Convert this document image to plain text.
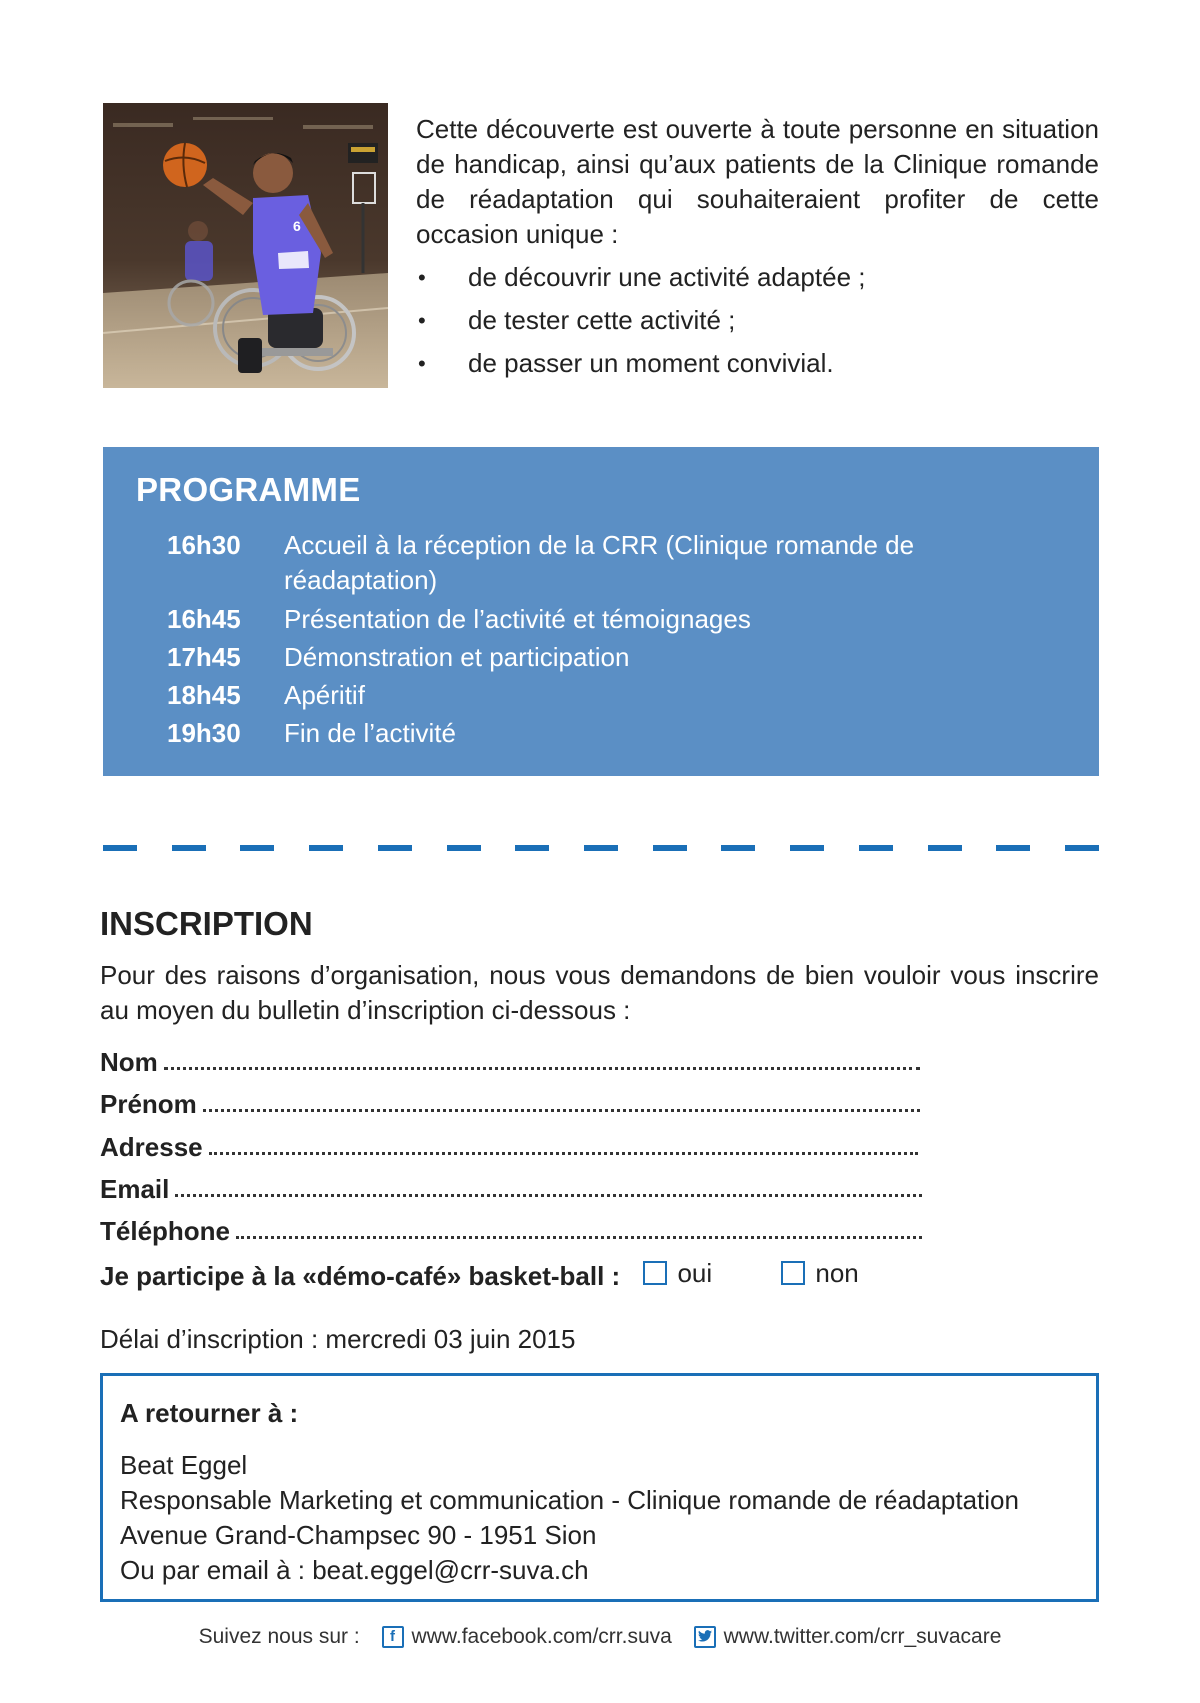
6

Cette découverte est ouverte à toute personne en situation de handicap, ainsi qu’aux patients de la Clinique romande de réadaptation qui souhaiteraient profiter de cette occasion unique :

• de découvrir une activité adaptée ;
• de tester cette activité ;
• de passer un moment convivial.
PROGRAMME
16h30	Accueil à la réception de la CRR (Clinique romande de réadaptation)
16h45	Présentation de l’activité et témoignages
17h45	Démonstration et participation
18h45	Apéritif
19h30	Fin de l’activité
INSCRIPTION

Pour des raisons d’organisation, nous vous demandons de bien vouloir vous inscrire au moyen du bulletin d’inscription ci-dessous :

Nom
Prénom
Adresse
Email
Téléphone
Je participe à la «démo-café» basket-ball : oui
	non
Délai d’inscription : mercredi 03 juin 2015
A retourner à :
Beat Eggel
Responsable Marketing et communication - Clinique romande de réadaptation
Avenue Grand-Champsec 90 - 1951 Sion
Ou par email à : beat.eggel@crr-suva.ch
Suivez nous sur :	f www.facebook.com/crr.suva
www.twitter.com/crr_suvacare
